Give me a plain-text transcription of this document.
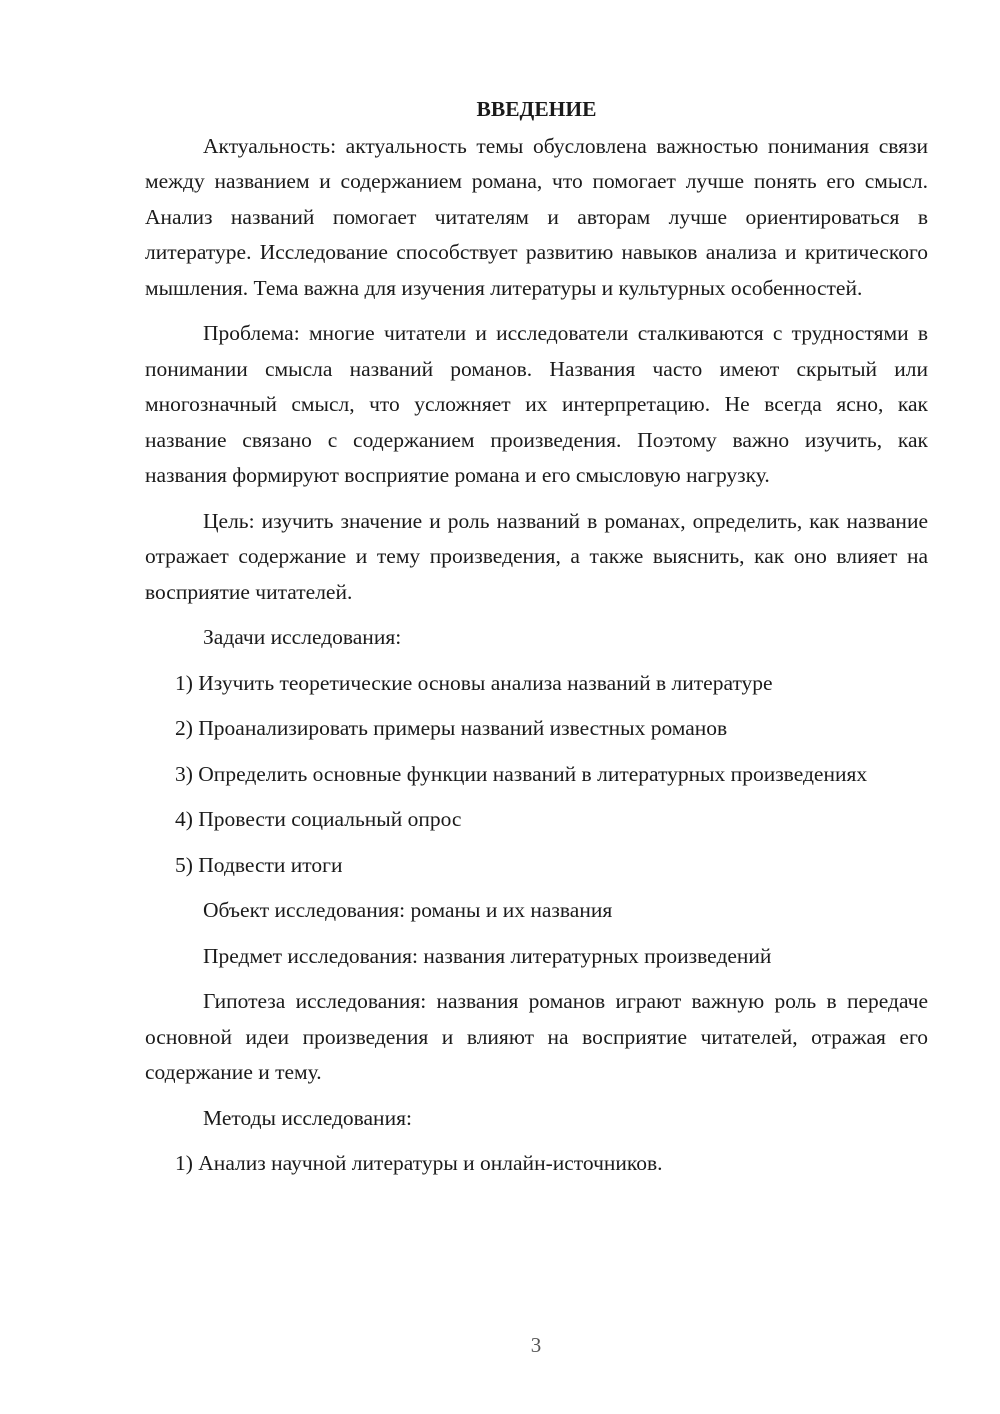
ВВЕДЕНИЕ

Актуальность: актуальность темы обусловлена важностью понимания связи между названием и содержанием романа, что помогает лучше понять его смысл. Анализ названий помогает читателям и авторам лучше ориентироваться в литературе. Исследование способствует развитию навыков анализа и критического мышления. Тема важна для изучения литературы и культурных особенностей.

Проблема: многие читатели и исследователи сталкиваются с трудностями в понимании смысла названий романов. Названия часто имеют скрытый или многозначный смысл, что усложняет их интерпретацию. Не всегда ясно, как название связано с содержанием произведения. Поэтому важно изучить, как названия формируют восприятие романа и его смысловую нагрузку.

Цель: изучить значение и роль названий в романах, определить, как название отражает содержание и тему произведения, а также выяснить, как оно влияет на восприятие читателей.

Задачи исследования:

1) Изучить теоретические основы анализа названий в литературе

2) Проанализировать примеры названий известных романов

3) Определить основные функции названий в литературных произведениях

4) Провести социальный опрос

5) Подвести итоги

Объект исследования: романы и их названия

Предмет исследования: названия литературных произведений

Гипотеза исследования: названия романов играют важную роль в передаче основной идеи произведения и влияют на восприятие читателей, отражая его содержание и тему.

Методы исследования:

1) Анализ научной литературы и онлайн-источников.

3
